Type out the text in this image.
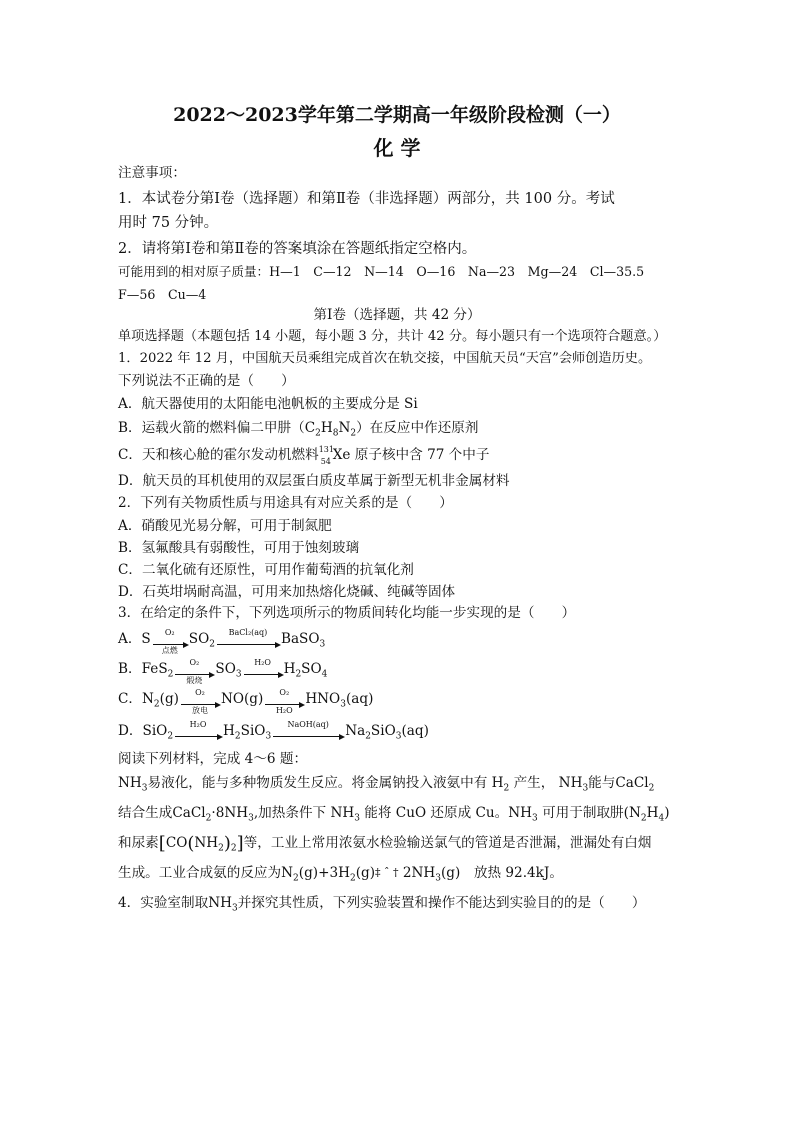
2022～2023学年第二学期高一年级阶段检测（一）
化 学
注意事项：
1．本试卷分第Ⅰ卷（选择题）和第Ⅱ卷（非选择题）两部分，共 100 分。考试
用时 75 分钟。
2．请将第Ⅰ卷和第Ⅱ卷的答案填涂在答题纸指定空格内。
可能用到的相对原子质量：H—1　C—12　N—14　O—16　Na—23　Mg—24　Cl—35.5
F—56　Cu—4
第Ⅰ卷（选择题，共 42 分）
单项选择题（本题包括 14 小题，每小题 3 分，共计 42 分。每小题只有一个选项符合题意。）
1．2022 年 12 月，中国航天员乘组完成首次在轨交接，中国航天员“天宫”会师创造历史。
下列说法不正确的是（　　）
A．航天器使用的太阳能电池帆板的主要成分是 Si
B．运载火箭的燃料偏二甲肼$(C_2H_8N_2)$在反应中作还原剂
C．天和核心舱的霍尔发动机燃料 131
54 Xe 原子核中含 77 个中子
D．航天员的耳机使用的双层蛋白质皮革属于新型无机非金属材料
2．下列有关物质性质与用途具有对应关系的是（　　）
A．硝酸见光易分解，可用于制氮肥
B．氢氟酸具有弱酸性，可用于蚀刻玻璃
C．二氧化硫有还原性，可用作葡萄酒的抗氧化剂
D．石英坩埚耐高温，可用来加热熔化烧碱、纯碱等固体
3．在给定的条件下，下列选项所示的物质间转化均能一步实现的是（　　）
A．S	O₂
点燃
$SO_2$
BaCl₂(aq)	BaSO$_3$
B．FeS$_2$
O₂
煅烧
$SO_3$
H₂O $H_2SO_4$
C．$N_2(g)$	O₂
放电
NO(g)	O₂
H₂O
$HNO_3(aq)$
D．SiO$_2$
H₂O	$H_2SiO_3$
NaOH(aq)	$Na_2SiO_3(aq)$
阅读下列材料，完成 4～6 题：
$NH_3$易液化，能与多种物质发生反应。将金属钠投入液氨中有 $H_2$ 产生， $NH_3$能与CaCl$_2$
结合生成$CaCl_2\cdot 8NH_3$,加热条件下 $NH_3$ 能将 CuO 还原成 Cu。$NH_3$ 可用于制取肼$(N_2H_4)$
和尿素$[CO(NH_2)_2]$等，工业上常用浓氨水检验输送氯气的管道是否泄漏，泄漏处有白烟
生成。工业合成氨的反应为$N_2(g)+3H_2(g)\ddagger$ ˆ † $2NH_3(g)$　放热 92.4kJ。
4．实验室制取$NH_3$并探究其性质，下列实验装置和操作不能达到实验目的的是（　　）
